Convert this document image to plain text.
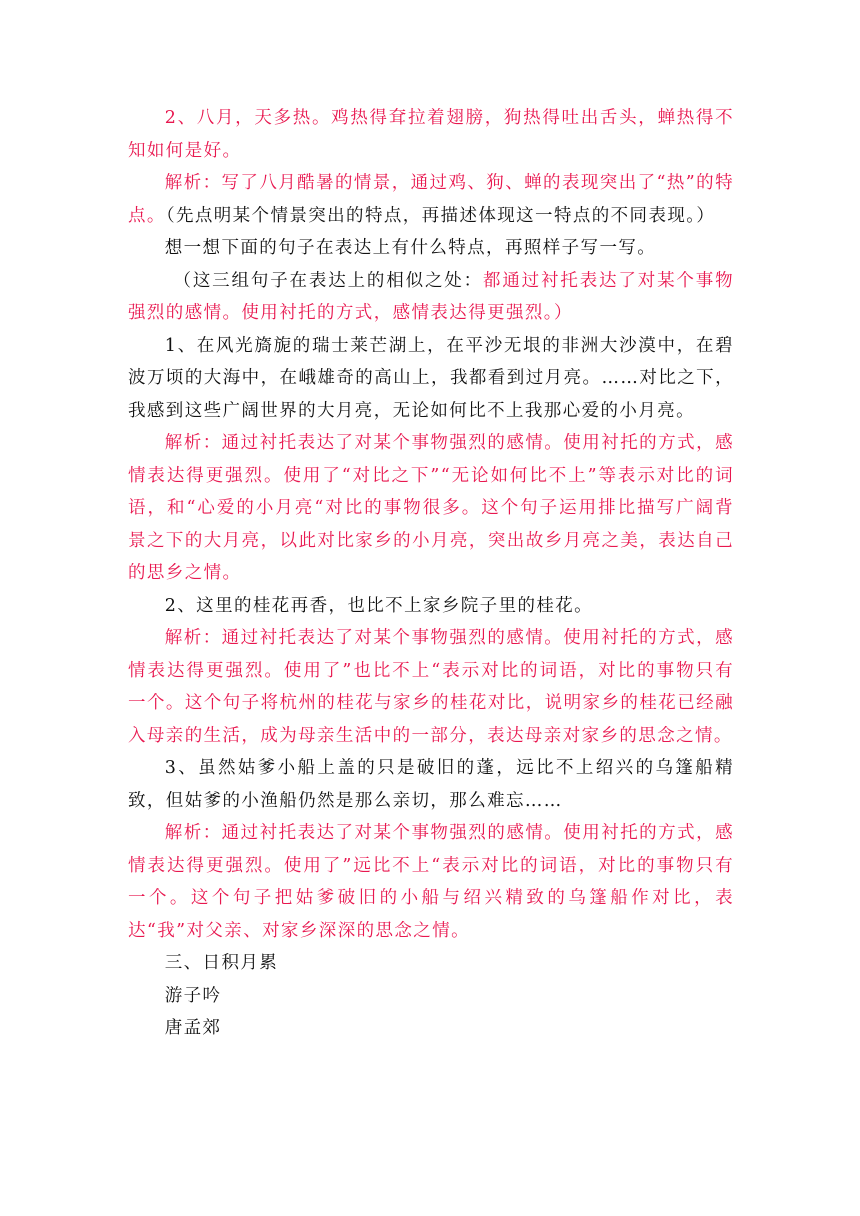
2、八月，天多热。鸡热得耷拉着翅膀，狗热得吐出舌头，蝉热得不知如何是好。

解析：写了八月酷暑的情景，通过鸡、狗、蝉的表现突出了“热”的特点。（先点明某个情景突出的特点，再描述体现这一特点的不同表现。）

想一想下面的句子在表达上有什么特点，再照样子写一写。

（这三组句子在表达上的相似之处：都通过衬托表达了对某个事物强烈的感情。使用衬托的方式，感情表达得更强烈。）

1、在风光旖旎的瑞士莱芒湖上，在平沙无垠的非洲大沙漠中，在碧波万顷的大海中，在峨雄奇的高山上，我都看到过月亮。……对比之下，我感到这些广阔世界的大月亮，无论如何比不上我那心爱的小月亮。

解析：通过衬托表达了对某个事物强烈的感情。使用衬托的方式，感情表达得更强烈。使用了“对比之下”“无论如何比不上”等表示对比的词语，和“心爱的小月亮“对比的事物很多。这个句子运用排比描写广阔背景之下的大月亮，以此对比家乡的小月亮，突出故乡月亮之美，表达自己的思乡之情。

2、这里的桂花再香，也比不上家乡院子里的桂花。

解析：通过衬托表达了对某个事物强烈的感情。使用衬托的方式，感情表达得更强烈。使用了”也比不上“表示对比的词语，对比的事物只有一个。这个句子将杭州的桂花与家乡的桂花对比，说明家乡的桂花已经融入母亲的生活，成为母亲生活中的一部分，表达母亲对家乡的思念之情。

3、虽然姑爹小船上盖的只是破旧的蓬，远比不上绍兴的乌篷船精致，但姑爹的小渔船仍然是那么亲切，那么难忘……

解析：通过衬托表达了对某个事物强烈的感情。使用衬托的方式，感情表达得更强烈。使用了”远比不上“表示对比的词语，对比的事物只有一个。这个句子把姑爹破旧的小船与绍兴精致的乌篷船作对比，表达“我”对父亲、对家乡深深的思念之情。

三、日积月累

游子吟

唐孟郊
